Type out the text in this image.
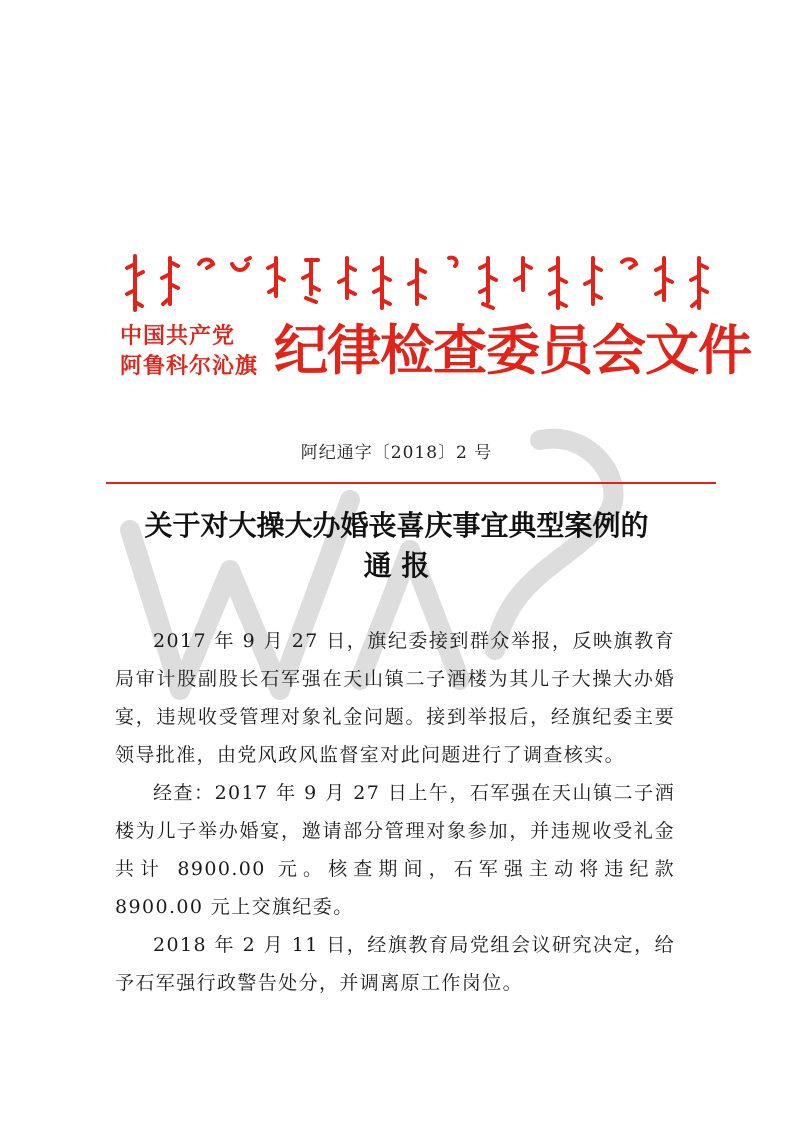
中国共产党
阿鲁科尔沁旗 纪律检查委员会文件
阿纪通字〔2018〕2 号
关于对大操大办婚丧喜庆事宜典型案例的
通 报

2017 年 9 月 27 日，旗纪委接到群众举报，反映旗教育局审计股副股长石军强在天山镇二子酒楼为其儿子大操大办婚宴，违规收受管理对象礼金问题。接到举报后，经旗纪委主要领导批准，由党风政风监督室对此问题进行了调查核实。

经查：2017 年 9 月 27 日上午，石军强在天山镇二子酒楼为儿子举办婚宴，邀请部分管理对象参加，并违规收受礼金共计 8900.00 元。核查期间，石军强主动将违纪款 8900.00 元上交旗纪委。

2018 年 2 月 11 日，经旗教育局党组会议研究决定，给予石军强行政警告处分，并调离原工作岗位。
